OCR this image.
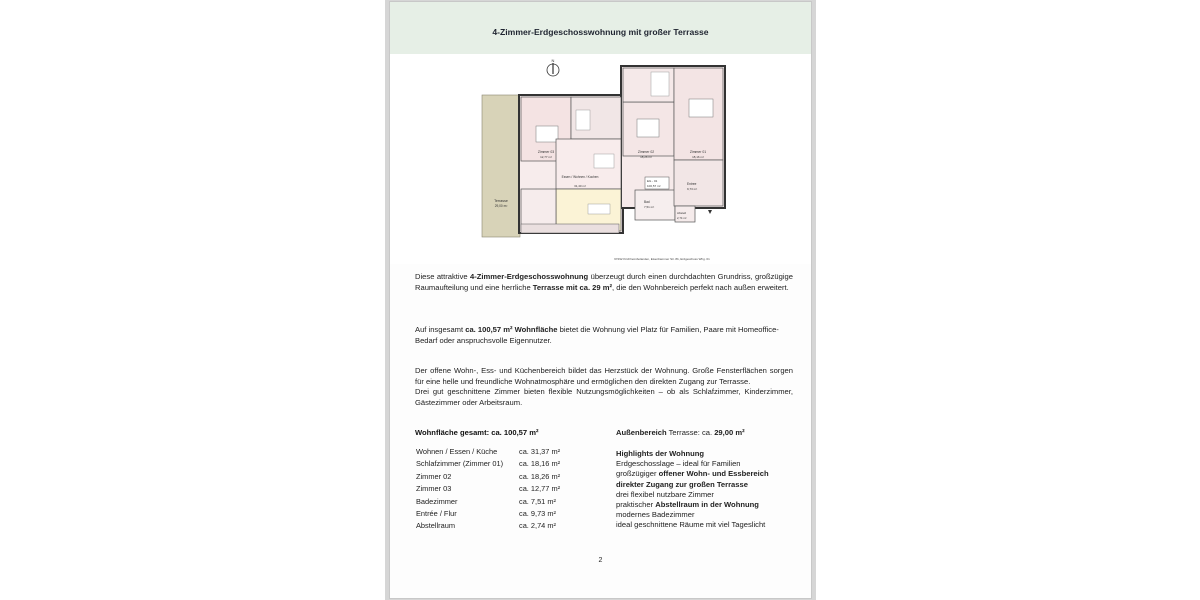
4-Zimmer-Erdgeschosswohnung mit großer Terrasse
N
Terrasse
29,00 m²
Zimmer 03
12,77 m²
Essen / Wohnen / Kochen
31,40 m²
Zimmer 02
18,26 m²
Zimmer 01
18,16 m²
EG - 01
100,57 m²
Bad
7,51 m²
Entree
9,73 m²
Abstell
2,74 m²
67292 Kirchheimbolanden, Eisenhammer Str. 8b, Erdgeschoss Whg. 01
Diese attraktive 4-Zimmer-Erdgeschosswohnung überzeugt durch einen durchdachten Grundriss, großzügige Raumaufteilung und eine herrliche Terrasse mit ca. 29 m², die den Wohnbereich perfekt nach außen erweitert.
Auf insgesamt ca. 100,57 m² Wohnfläche bietet die Wohnung viel Platz für Familien, Paare mit Homeoffice-Bedarf oder anspruchsvolle Eigennutzer.
Der offene Wohn-, Ess- und Küchenbereich bildet das Herzstück der Wohnung. Große Fensterflächen sorgen für eine helle und freundliche Wohnatmosphäre und ermöglichen den direkten Zugang zur Terrasse.
Drei gut geschnittene Zimmer bieten flexible Nutzungsmöglichkeiten – ob als Schlafzimmer, Kinderzimmer, Gästezimmer oder Arbeitsraum.
Wohnfläche gesamt: ca. 100,57 m²
Wohnen / Essen / Küche	ca. 31,37 m²
Schlafzimmer (Zimmer 01) ca. 18,16 m²
Zimmer 02	ca. 18,26 m²
Zimmer 03	ca. 12,77 m²
Badezimmer	ca. 7,51 m²
Entrée / Flur	ca. 9,73 m²
Abstellraum	ca. 2,74 m²
Außenbereich Terrasse: ca. 29,00 m²
Highlights der Wohnung
Erdgeschosslage – ideal für Familien
großzügiger offener Wohn- und Essbereich
direkter Zugang zur großen Terrasse
drei flexibel nutzbare Zimmer
praktischer Abstellraum in der Wohnung
modernes Badezimmer
ideal geschnittene Räume mit viel Tageslicht
2
